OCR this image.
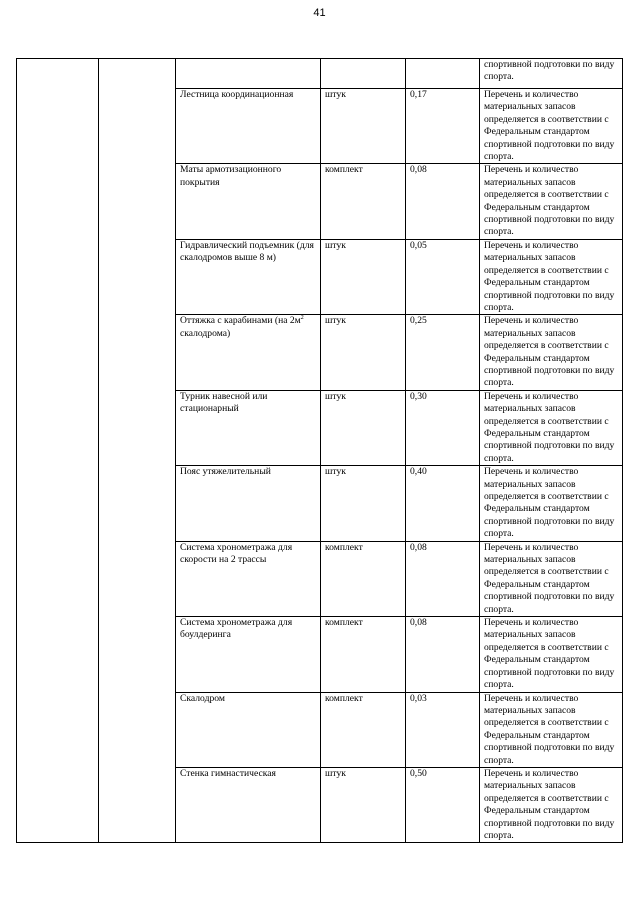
41
					спортивной подготовки по виду спорта.
		Лестница координационная	штук	0,17	Перечень и количество материальных запасов определяется в соответствии с Федеральным стандартом спортивной подготовки по виду спорта.
		Маты армотизационного покрытия	комплект	0,08	Перечень и количество материальных запасов определяется в соответствии с Федеральным стандартом спортивной подготовки по виду спорта.
		Гидравлический подъемник (для скалодромов выше 8 м)	штук	0,05	Перечень и количество материальных запасов определяется в соответствии с Федеральным стандартом спортивной подготовки по виду спорта.
		Оттяжка с карабинами (на $2м^2$ скалодрома)	штук	0,25	Перечень и количество материальных запасов определяется в соответствии с Федеральным стандартом спортивной подготовки по виду спорта.
		Турник навесной или стационарный	штук	0,30	Перечень и количество материальных запасов определяется в соответствии с Федеральным стандартом спортивной подготовки по виду спорта.
		Пояс утяжелительный	штук	0,40	Перечень и количество материальных запасов определяется в соответствии с Федеральным стандартом спортивной подготовки по виду спорта.
		Система хронометража для скорости на 2 трассы	комплект	0,08	Перечень и количество материальных запасов определяется в соответствии с Федеральным стандартом спортивной подготовки по виду спорта.
		Система хронометража для боулдеринга	комплект	0,08	Перечень и количество материальных запасов определяется в соответствии с Федеральным стандартом спортивной подготовки по виду спорта.
		Скалодром	комплект	0,03	Перечень и количество материальных запасов определяется в соответствии с Федеральным стандартом спортивной подготовки по виду спорта.
		Стенка гимнастическая	штук	0,50	Перечень и количество материальных запасов определяется в соответствии с Федеральным стандартом спортивной подготовки по виду спорта.
